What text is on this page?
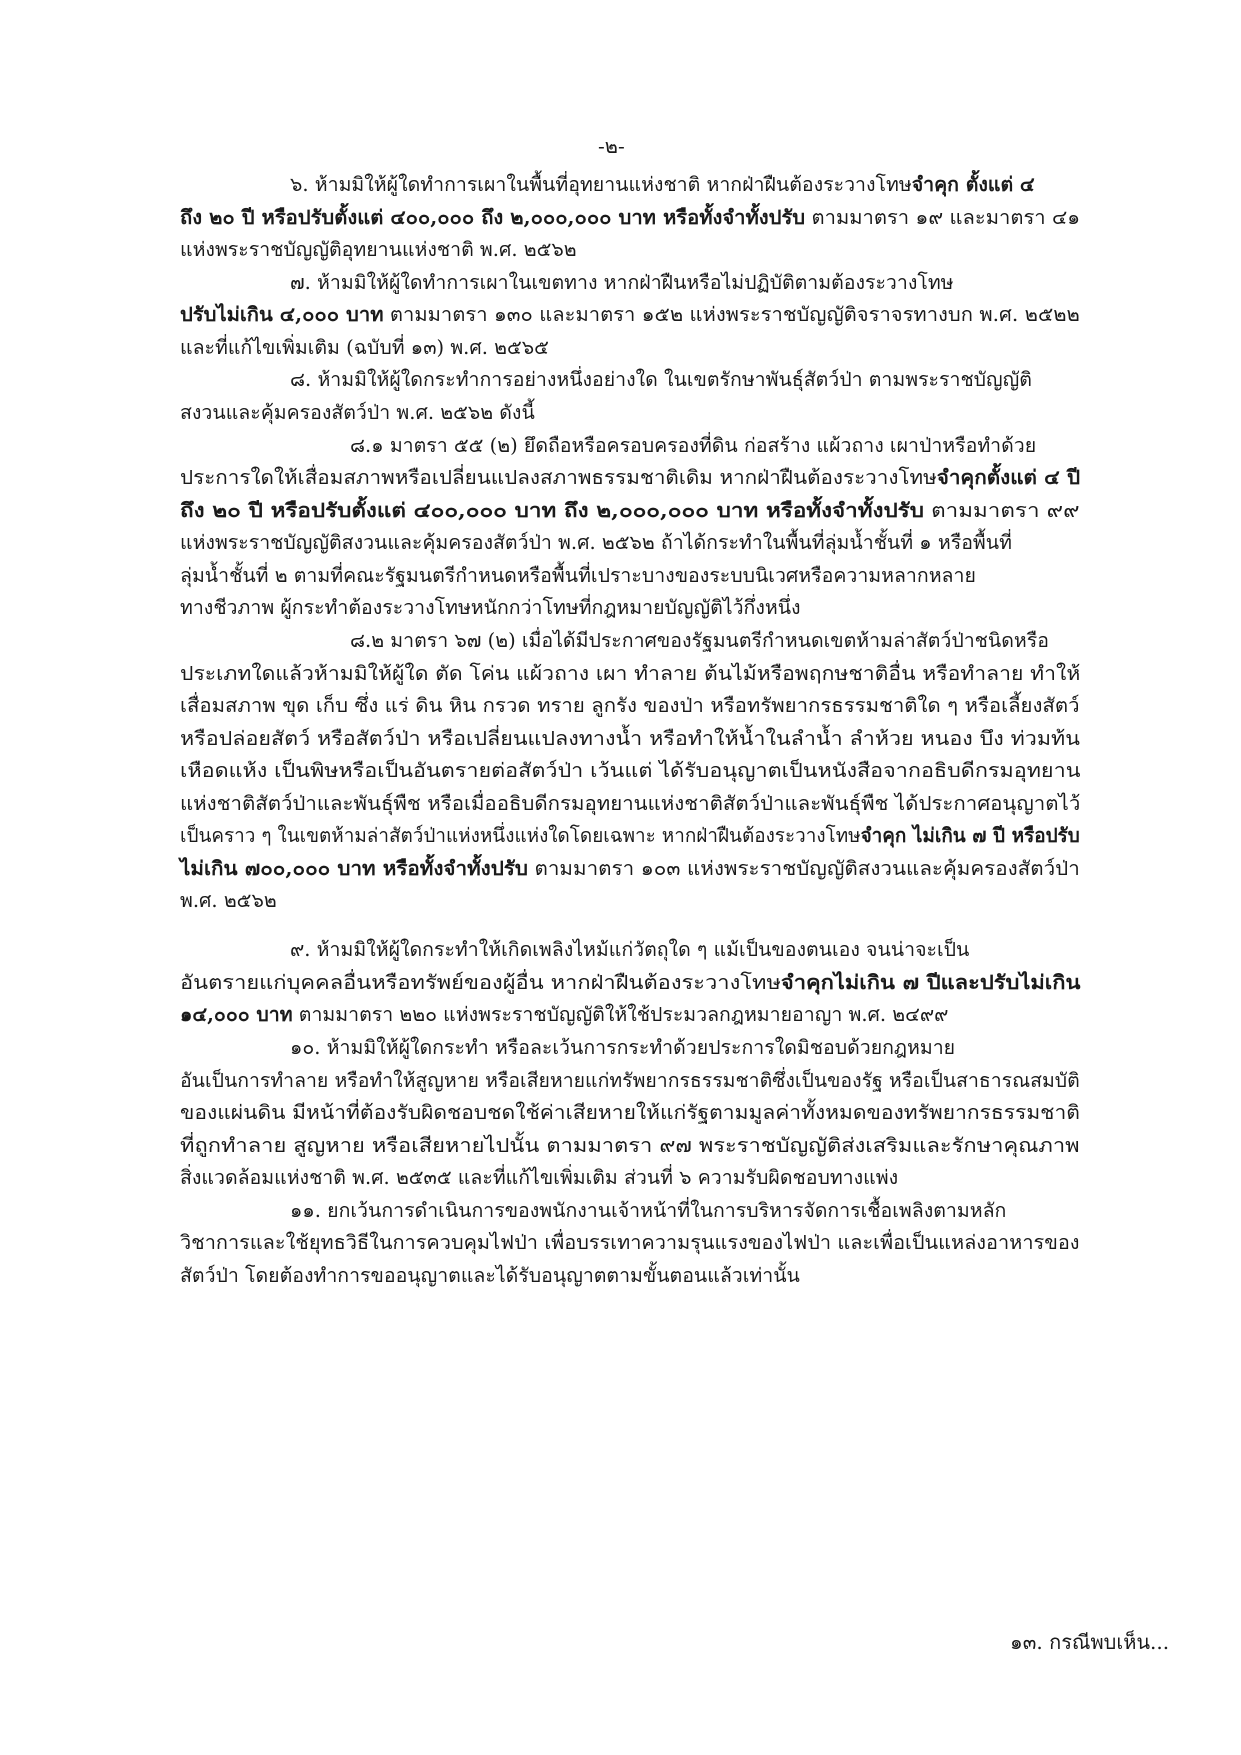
-๒-
๖. ห้ามมิให้ผู้ใดทำการเผาในพื้นที่อุทยานแห่งชาติ หากฝ่าฝืนต้องระวางโทษจำคุก ตั้งแต่ ๔
ถึง ๒๐ ปี หรือปรับตั้งแต่ ๔๐๐,๐๐๐ ถึง ๒,๐๐๐,๐๐๐ บาท หรือทั้งจำทั้งปรับ ตามมาตรา ๑๙ และมาตรา ๔๑
แห่งพระราชบัญญัติอุทยานแห่งชาติ พ.ศ. ๒๕๖๒
๗. ห้ามมิให้ผู้ใดทำการเผาในเขตทาง หากฝ่าฝืนหรือไม่ปฏิบัติตามต้องระวางโทษ
ปรับไม่เกิน ๔,๐๐๐ บาท ตามมาตรา ๑๓๐ และมาตรา ๑๕๒ แห่งพระราชบัญญัติจราจรทางบก พ.ศ. ๒๕๒๒
และที่แก้ไขเพิ่มเติม (ฉบับที่ ๑๓) พ.ศ. ๒๕๖๕
๘. ห้ามมิให้ผู้ใดกระทำการอย่างหนึ่งอย่างใด ในเขตรักษาพันธุ์สัตว์ป่า ตามพระราชบัญญัติ
สงวนและคุ้มครองสัตว์ป่า พ.ศ. ๒๕๖๒ ดังนี้
๘.๑ มาตรา ๕๕ (๒) ยึดถือหรือครอบครองที่ดิน ก่อสร้าง แผ้วถาง เผาป่าหรือทำด้วย
ประการใดให้เสื่อมสภาพหรือเปลี่ยนแปลงสภาพธรรมชาติเดิม หากฝ่าฝืนต้องระวางโทษจำคุกตั้งแต่ ๔ ปี
ถึง ๒๐ ปี หรือปรับตั้งแต่ ๔๐๐,๐๐๐ บาท ถึง ๒,๐๐๐,๐๐๐ บาท หรือทั้งจำทั้งปรับ ตามมาตรา ๙๙
แห่งพระราชบัญญัติสงวนและคุ้มครองสัตว์ป่า พ.ศ. ๒๕๖๒ ถ้าได้กระทำในพื้นที่ลุ่มน้ำชั้นที่ ๑ หรือพื้นที่
ลุ่มน้ำชั้นที่ ๒ ตามที่คณะรัฐมนตรีกำหนดหรือพื้นที่เปราะบางของระบบนิเวศหรือความหลากหลาย
ทางชีวภาพ ผู้กระทำต้องระวางโทษหนักกว่าโทษที่กฎหมายบัญญัติไว้กึ่งหนึ่ง
๘.๒ มาตรา ๖๗ (๒) เมื่อได้มีประกาศของรัฐมนตรีกำหนดเขตห้ามล่าสัตว์ป่าชนิดหรือ
ประเภทใดแล้วห้ามมิให้ผู้ใด ตัด โค่น แผ้วถาง เผา ทำลาย ต้นไม้หรือพฤกษชาติอื่น หรือทำลาย ทำให้
เสื่อมสภาพ ขุด เก็บ ซึ่ง แร่ ดิน หิน กรวด ทราย ลูกรัง ของป่า หรือทรัพยากรธรรมชาติใด ๆ หรือเลี้ยงสัตว์
หรือปล่อยสัตว์ หรือสัตว์ป่า หรือเปลี่ยนแปลงทางน้ำ หรือทำให้น้ำในลำน้ำ ลำห้วย หนอง บึง ท่วมท้น
เหือดแห้ง เป็นพิษหรือเป็นอันตรายต่อสัตว์ป่า เว้นแต่ ได้รับอนุญาตเป็นหนังสือจากอธิบดีกรมอุทยาน
แห่งชาติสัตว์ป่าและพันธุ์พืช หรือเมื่ออธิบดีกรมอุทยานแห่งชาติสัตว์ป่าและพันธุ์พืช ได้ประกาศอนุญาตไว้
เป็นคราว ๆ ในเขตห้ามล่าสัตว์ป่าแห่งหนึ่งแห่งใดโดยเฉพาะ หากฝ่าฝืนต้องระวางโทษจำคุก ไม่เกิน ๗ ปี หรือปรับ
ไม่เกิน ๗๐๐,๐๐๐ บาท หรือทั้งจำทั้งปรับ ตามมาตรา ๑๐๓ แห่งพระราชบัญญัติสงวนและคุ้มครองสัตว์ป่า
พ.ศ. ๒๕๖๒
๙. ห้ามมิให้ผู้ใดกระทำให้เกิดเพลิงไหม้แก่วัตถุใด ๆ แม้เป็นของตนเอง จนน่าจะเป็น
อันตรายแก่บุคคลอื่นหรือทรัพย์ของผู้อื่น หากฝ่าฝืนต้องระวางโทษจำคุกไม่เกิน ๗ ปีและปรับไม่เกิน
๑๔,๐๐๐ บาท ตามมาตรา ๒๒๐ แห่งพระราชบัญญัติให้ใช้ประมวลกฎหมายอาญา พ.ศ. ๒๔๙๙
๑๐. ห้ามมิให้ผู้ใดกระทำ หรือละเว้นการกระทำด้วยประการใดมิชอบด้วยกฎหมาย
อันเป็นการทำลาย หรือทำให้สูญหาย หรือเสียหายแก่ทรัพยากรธรรมชาติซึ่งเป็นของรัฐ หรือเป็นสาธารณสมบัติ
ของแผ่นดิน มีหน้าที่ต้องรับผิดชอบชดใช้ค่าเสียหายให้แก่รัฐตามมูลค่าทั้งหมดของทรัพยากรธรรมชาติ
ที่ถูกทำลาย สูญหาย หรือเสียหายไปนั้น ตามมาตรา ๙๗ พระราชบัญญัติส่งเสริมและรักษาคุณภาพ
สิ่งแวดล้อมแห่งชาติ พ.ศ. ๒๕๓๕ และที่แก้ไขเพิ่มเติม ส่วนที่ ๖ ความรับผิดชอบทางแพ่ง
๑๑. ยกเว้นการดำเนินการของพนักงานเจ้าหน้าที่ในการบริหารจัดการเชื้อเพลิงตามหลัก
วิชาการและใช้ยุทธวิธีในการควบคุมไฟป่า เพื่อบรรเทาความรุนแรงของไฟป่า และเพื่อเป็นแหล่งอาหารของ
สัตว์ป่า โดยต้องทำการขออนุญาตและได้รับอนุญาตตามขั้นตอนแล้วเท่านั้น
๑๓. กรณีพบเห็น...
